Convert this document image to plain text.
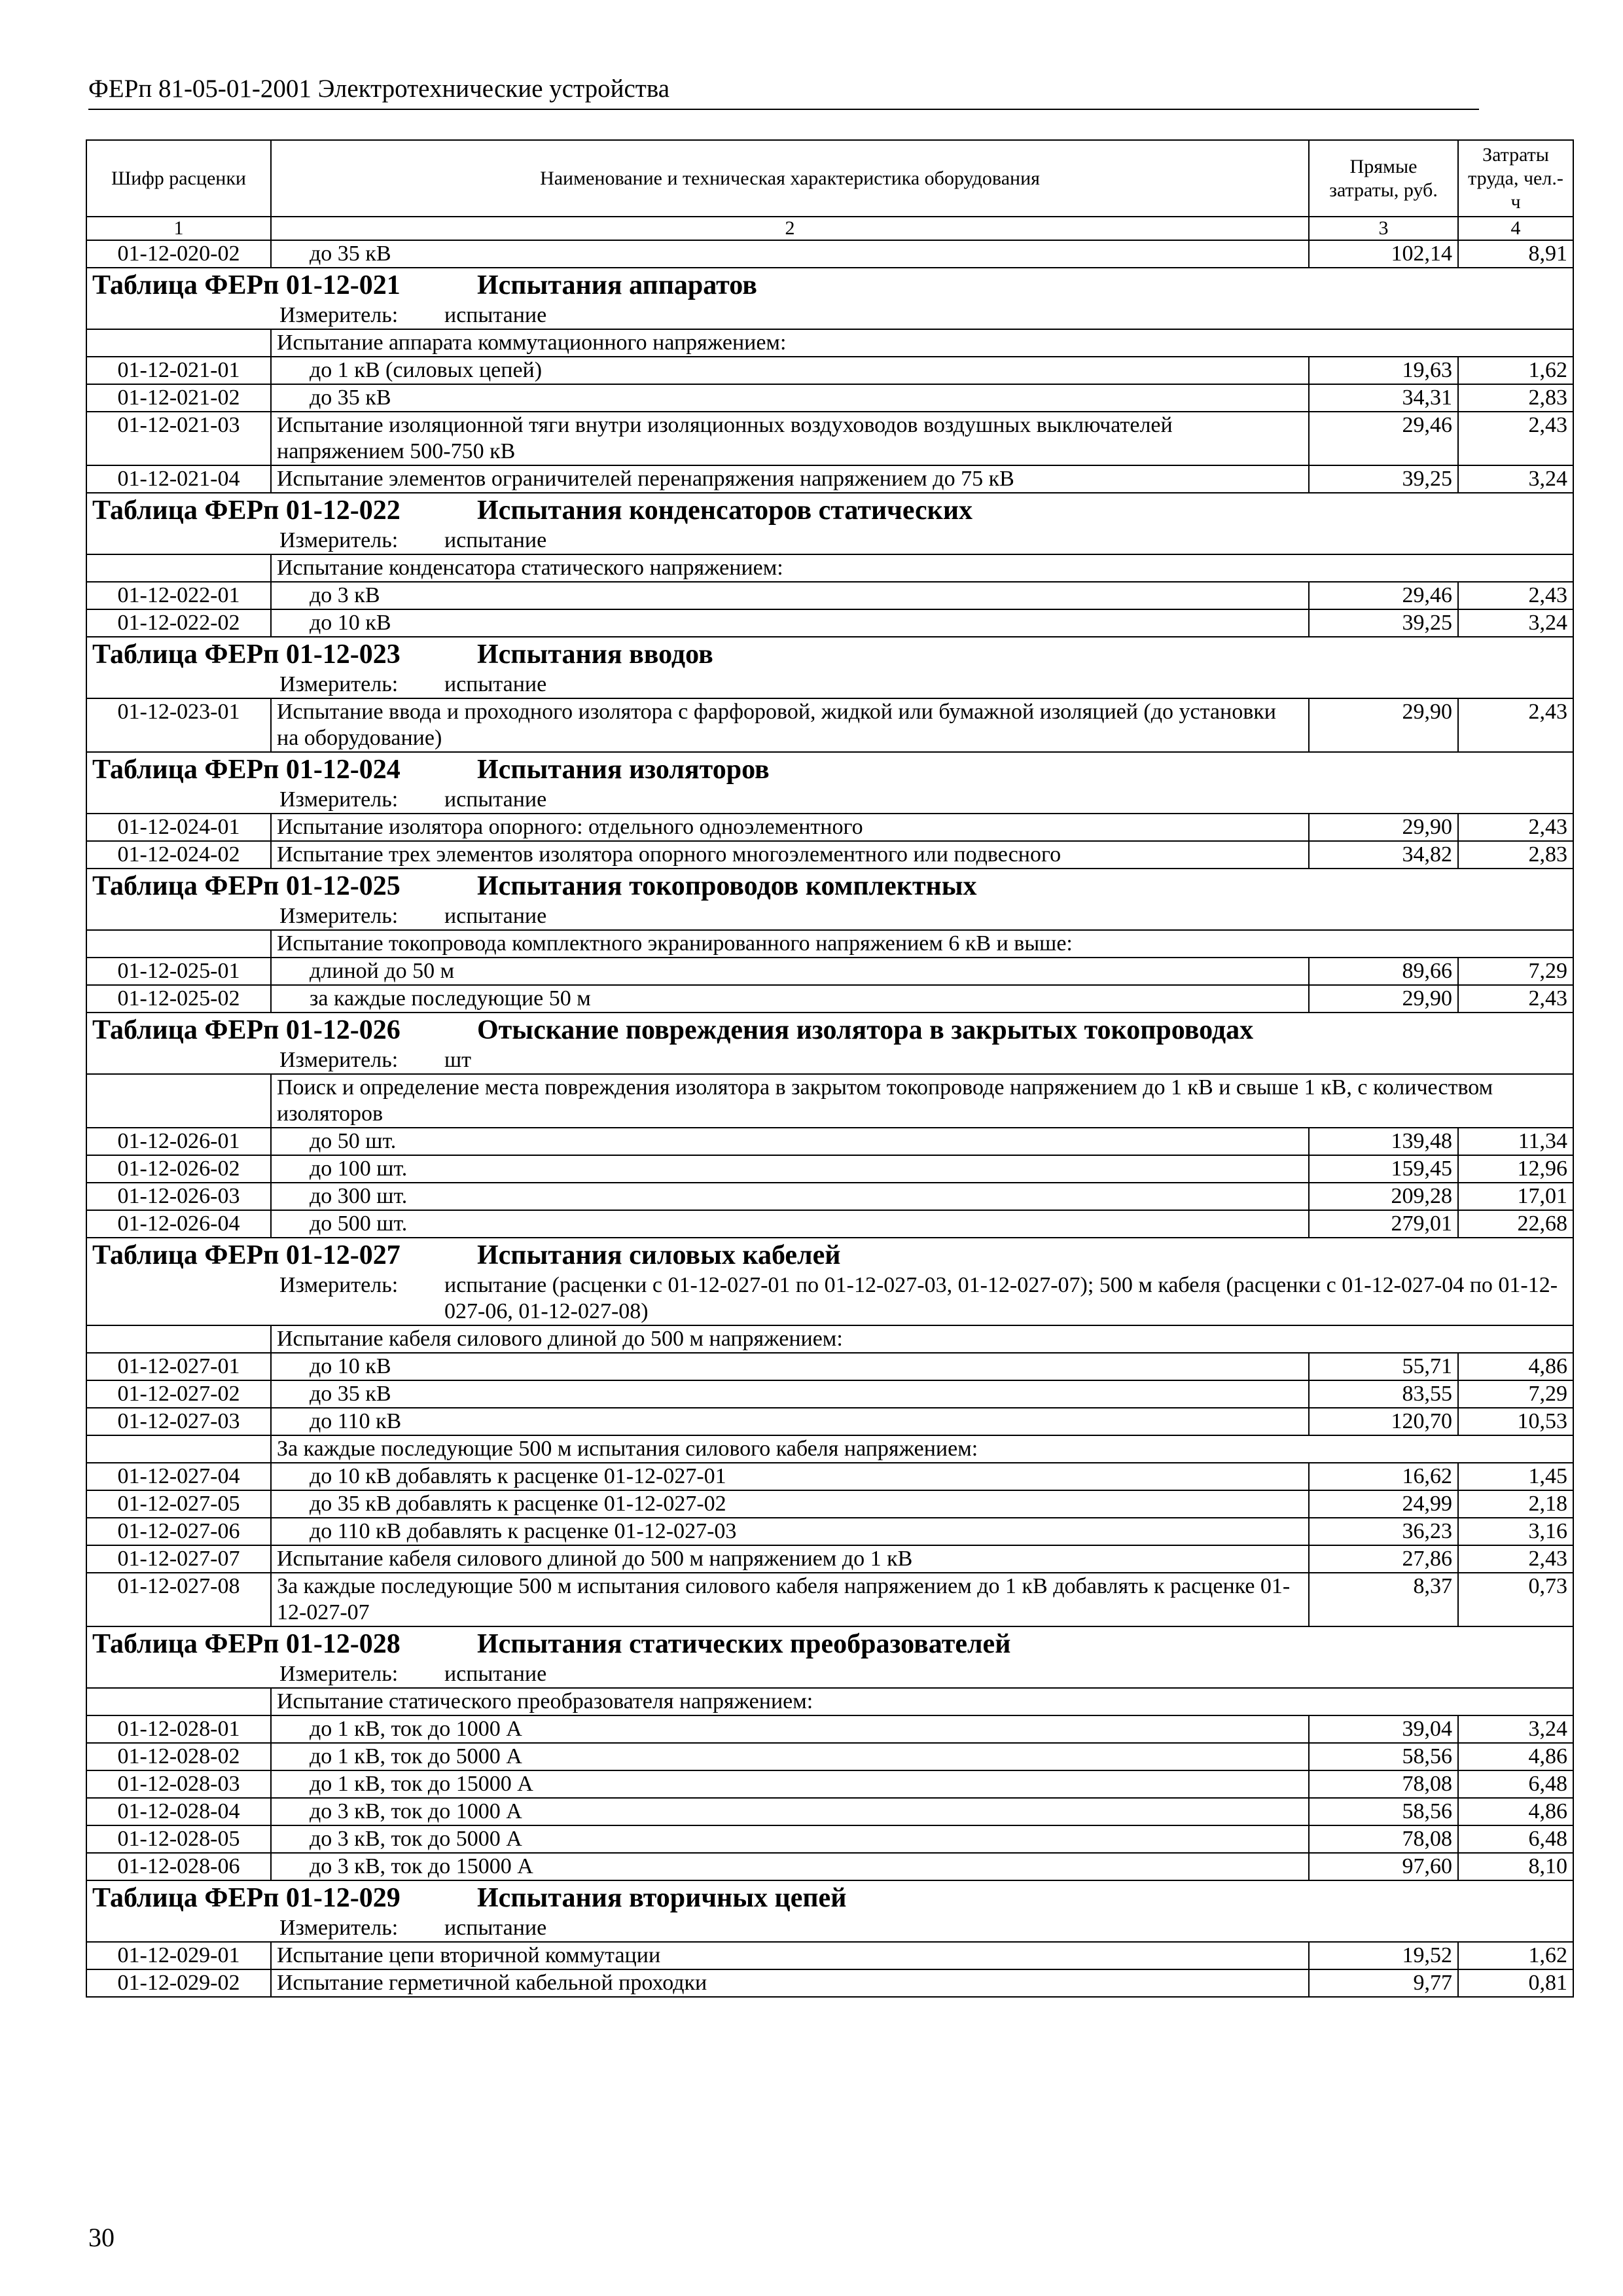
ФЕРп 81-05-01-2001 Электротехнические устройства
Шифр расценки	Наименование и техническая характеристика оборудования	Прямые затраты, руб.	Затраты труда, чел.-ч
1	2	3	4
01-12-020-02	до 35 кВ	102,14	8,91
Таблица ФЕРп 01-12-021 Испытания аппаратов			

Измеритель: испытание			

	Испытание аппарата коммутационного напряжением:		
01-12-021-01	до 1 кВ (силовых цепей)	19,63	1,62
01-12-021-02	до 35 кВ	34,31	2,83
01-12-021-03	Испытание изоляционной тяги внутри изоляционных воздуховодов воздушных выключателей напряжением 500-750 кВ	29,46	2,43
01-12-021-04	Испытание элементов ограничителей перенапряжения напряжением до 75 кВ	39,25	3,24
Таблица ФЕРп 01-12-022 Испытания конденсаторов статических			

Измеритель: испытание			

	Испытание конденсатора статического напряжением:		
01-12-022-01	до 3 кВ	29,46	2,43
01-12-022-02	до 10 кВ	39,25	3,24
Таблица ФЕРп 01-12-023 Испытания вводов			

Измеритель: испытание			

01-12-023-01	Испытание ввода и проходного изолятора с фарфоровой, жидкой или бумажной изоляцией (до установки на оборудование)	29,90	2,43
Таблица ФЕРп 01-12-024 Испытания изоляторов			

Измеритель: испытание			

01-12-024-01	Испытание изолятора опорного: отдельного одноэлементного	29,90	2,43
01-12-024-02	Испытание трех элементов изолятора опорного многоэлементного или подвесного	34,82	2,83
Таблица ФЕРп 01-12-025 Испытания токопроводов комплектных			

Измеритель: испытание			

	Испытание токопровода комплектного экранированного напряжением 6 кВ и выше:		
01-12-025-01	длиной до 50 м	89,66	7,29
01-12-025-02	за каждые последующие 50 м	29,90	2,43
Таблица ФЕРп 01-12-026 Отыскание повреждения изолятора в закрытых токопроводах			

Измеритель: шт			

	Поиск и определение места повреждения изолятора в закрытом токопроводе напряжением до 1 кВ и свыше 1 кВ, с количеством изоляторов		
01-12-026-01	до 50 шт.	139,48	11,34
01-12-026-02	до 100 шт.	159,45	12,96
01-12-026-03	до 300 шт.	209,28	17,01
01-12-026-04	до 500 шт.	279,01	22,68
Таблица ФЕРп 01-12-027 Испытания силовых кабелей			

Измеритель: испытание (расценки с 01-12-027-01 по 01-12-027-03, 01-12-027-07); 500 м кабеля (расценки с 01-12-027-04 по 01-12-027-06, 01-12-027-08)			

	Испытание кабеля силового длиной до 500 м напряжением:		
01-12-027-01	до 10 кВ	55,71	4,86
01-12-027-02	до 35 кВ	83,55	7,29
01-12-027-03	до 110 кВ	120,70	10,53
	За каждые последующие 500 м испытания силового кабеля напряжением:		
01-12-027-04	до 10 кВ добавлять к расценке 01-12-027-01	16,62	1,45
01-12-027-05	до 35 кВ добавлять к расценке 01-12-027-02	24,99	2,18
01-12-027-06	до 110 кВ добавлять к расценке 01-12-027-03	36,23	3,16
01-12-027-07	Испытание кабеля силового длиной до 500 м напряжением до 1 кВ	27,86	2,43
01-12-027-08	За каждые последующие 500 м испытания силового кабеля напряжением до 1 кВ добавлять к расценке 01-12-027-07	8,37	0,73
Таблица ФЕРп 01-12-028 Испытания статических преобразователей			

Измеритель: испытание			

	Испытание статического преобразователя напряжением:		
01-12-028-01	до 1 кВ, ток до 1000 А	39,04	3,24
01-12-028-02	до 1 кВ, ток до 5000 А	58,56	4,86
01-12-028-03	до 1 кВ, ток до 15000 А	78,08	6,48
01-12-028-04	до 3 кВ, ток до 1000 А	58,56	4,86
01-12-028-05	до 3 кВ, ток до 5000 А	78,08	6,48
01-12-028-06	до 3 кВ, ток до 15000 А	97,60	8,10
Таблица ФЕРп 01-12-029 Испытания вторичных цепей			

Измеритель: испытание			

01-12-029-01	Испытание цепи вторичной коммутации	19,52	1,62
01-12-029-02	Испытание герметичной кабельной проходки	9,77	0,81
30
